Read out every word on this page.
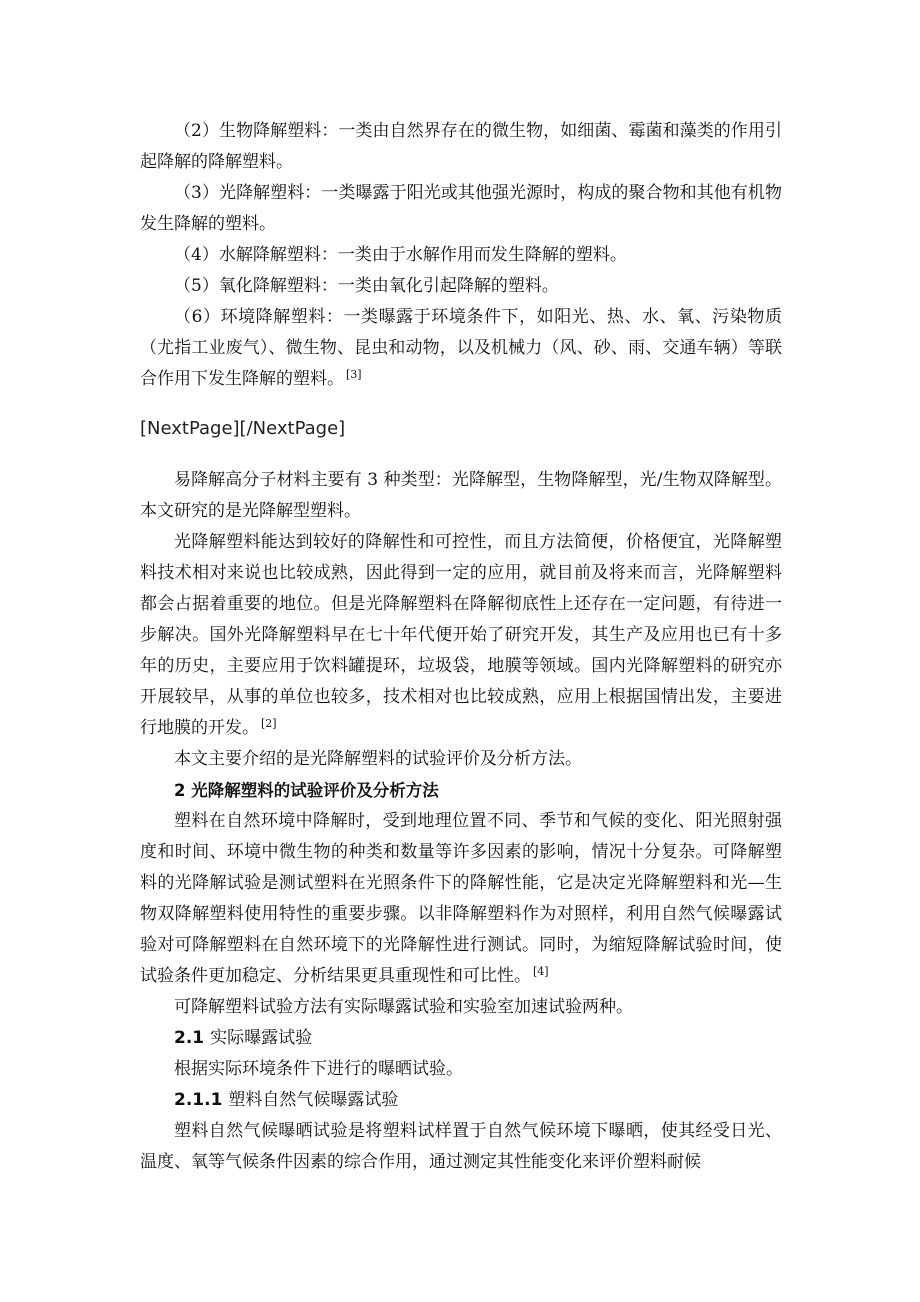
（2）生物降解塑料：一类由自然界存在的微生物，如细菌、霉菌和藻类的作用引起降解的降解塑料。

（3）光降解塑料：一类曝露于阳光或其他强光源时，构成的聚合物和其他有机物发生降解的塑料。

（4）水解降解塑料：一类由于水解作用而发生降解的塑料。

（5）氧化降解塑料：一类由氧化引起降解的塑料。

（6）环境降解塑料：一类曝露于环境条件下，如阳光、热、水、氧、污染物质（尤指工业废气）、微生物、昆虫和动物，以及机械力（风、砂、雨、交通车辆）等联合作用下发生降解的塑料。 [3]

[NextPage][/NextPage]

易降解高分子材料主要有 3 种类型：光降解型，生物降解型，光/生物双降解型。本文研究的是光降解型塑料。

光降解塑料能达到较好的降解性和可控性，而且方法简便，价格便宜，光降解塑料技术相对来说也比较成熟，因此得到一定的应用，就目前及将来而言，光降解塑料都会占据着重要的地位。但是光降解塑料在降解彻底性上还存在一定问题，有待进一步解决。国外光降解塑料早在七十年代便开始了研究开发，其生产及应用也已有十多年的历史，主要应用于饮料罐提环，垃圾袋，地膜等领域。国内光降解塑料的研究亦开展较早，从事的单位也较多，技术相对也比较成熟，应用上根据国情出发，主要进行地膜的开发。 [2]

本文主要介绍的是光降解塑料的试验评价及分析方法。

2 光降解塑料的试验评价及分析方法

塑料在自然环境中降解时，受到地理位置不同、季节和气候的变化、阳光照射强度和时间、环境中微生物的种类和数量等许多因素的影响，情况十分复杂。可降解塑料的光降解试验是测试塑料在光照条件下的降解性能，它是决定光降解塑料和光—生物双降解塑料使用特性的重要步骤。以非降解塑料作为对照样，利用自然气候曝露试验对可降解塑料在自然环境下的光降解性进行测试。同时，为缩短降解试验时间，使试验条件更加稳定、分析结果更具重现性和可比性。 [4]

可降解塑料试验方法有实际曝露试验和实验室加速试验两种。

2.1 实际曝露试验

根据实际环境条件下进行的曝晒试验。

2.1.1 塑料自然气候曝露试验

塑料自然气候曝晒试验是将塑料试样置于自然气候环境下曝晒，使其经受日光、温度、氧等气候条件因素的综合作用，通过测定其性能变化来评价塑料耐候
